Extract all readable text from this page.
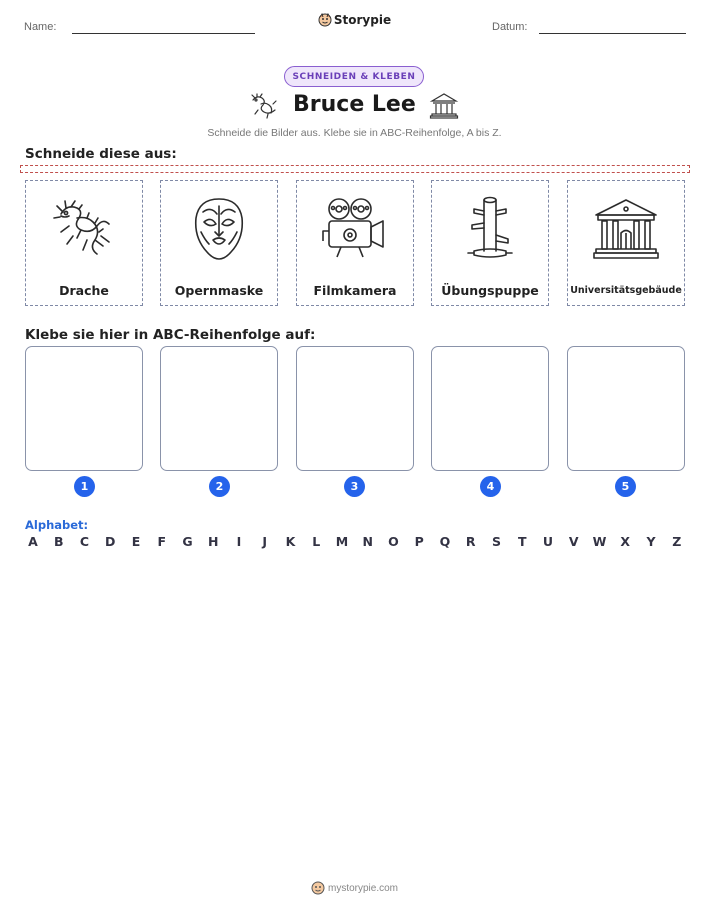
Name:	Storypie	Datum:
SCHNEIDEN & KLEBEN
Bruce Lee
Schneide die Bilder aus. Klebe sie in ABC-Reihenfolge, A bis Z.
Schneide diese aus:
Drache	Opernmaske	Filmkamera	Übungspuppe	Universitätsgebäude
Klebe sie hier in ABC-Reihenfolge auf:
1	2	3	4	5
Alphabet:
A B C D E F G H	I	J	K	L	M N O P Q R S T U V W X Y Z
mystorypie.com
